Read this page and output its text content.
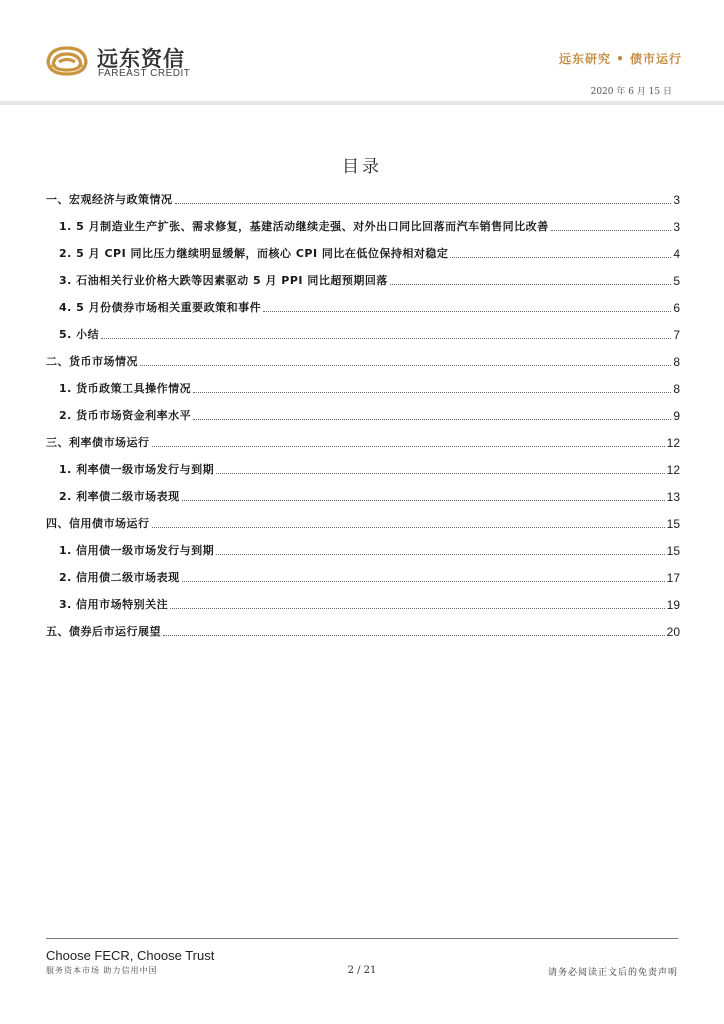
远东资信
FAREAST CREDIT
远东研究 • 债市运行
2020 年 6 月 15 日
目录
一、宏观经济与政策情况	3
1. 5 月制造业生产扩张、需求修复，基建活动继续走强、对外出口同比回落而汽车销售同比改善	3
2. 5 月 CPI 同比压力继续明显缓解，而核心 CPI 同比在低位保持相对稳定	4
3. 石油相关行业价格大跌等因素驱动 5 月 PPI 同比超预期回落	5
4. 5 月份债券市场相关重要政策和事件	6
5. 小结	7
二、货币市场情况	8
1. 货币政策工具操作情况	8
2. 货币市场资金利率水平	9
三、利率债市场运行	12
1. 利率债一级市场发行与到期	12
2. 利率债二级市场表现	13
四、信用债市场运行	15
1. 信用债一级市场发行与到期	15
2. 信用债二级市场表现	17
3. 信用市场特别关注	19
五、债券后市运行展望	20
Choose FECR, Choose Trust
服务资本市场 助力信用中国	2 / 21	请务必阅读正文后的免责声明
